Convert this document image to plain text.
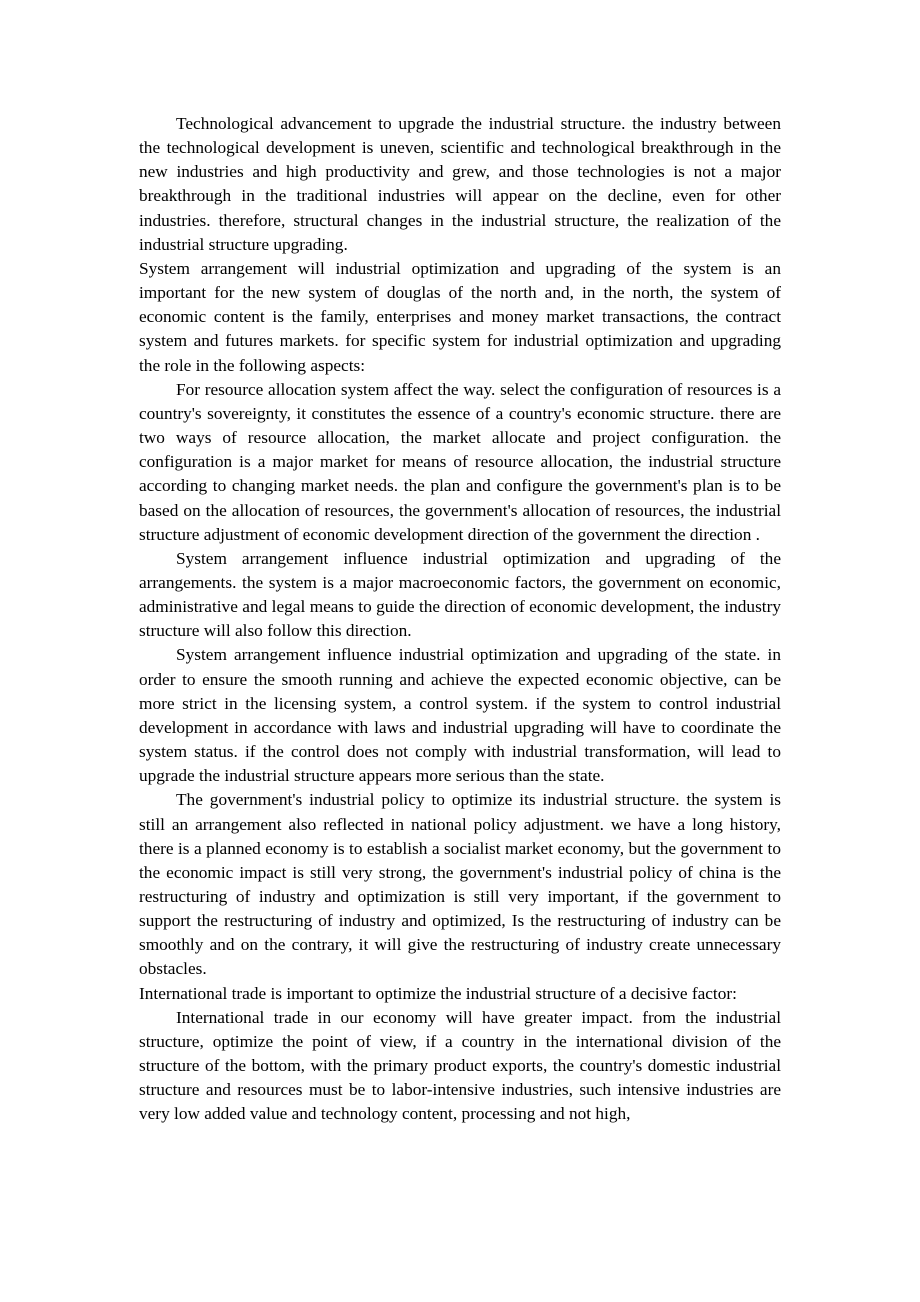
Technological advancement to upgrade the industrial structure. the industry between the technological development is uneven, scientific and technological breakthrough in the new industries and high productivity and grew, and those technologies is not a major breakthrough in the traditional industries will appear on the decline, even for other industries. therefore, structural changes in the industrial structure, the realization of the industrial structure upgrading.

System arrangement will industrial optimization and upgrading of the system is an important for the new system of douglas of the north and, in the north, the system of economic content is the family, enterprises and money market transactions, the contract system and futures markets. for specific system for industrial optimization and upgrading the role in the following aspects:

For resource allocation system affect the way. select the configuration of resources is a country's sovereignty, it constitutes the essence of a country's economic structure. there are two ways of resource allocation, the market allocate and project configuration. the configuration is a major market for means of resource allocation, the industrial structure according to changing market needs. the plan and configure the government's plan is to be based on the allocation of resources, the government's allocation of resources, the industrial structure adjustment of economic development direction of the government the direction .

System arrangement influence industrial optimization and upgrading of the arrangements. the system is a major macroeconomic factors, the government on economic, administrative and legal means to guide the direction of economic development, the industry structure will also follow this direction.

System arrangement influence industrial optimization and upgrading of the state. in order to ensure the smooth running and achieve the expected economic objective, can be more strict in the licensing system, a control system. if the system to control industrial development in accordance with laws and industrial upgrading will have to coordinate the system status. if the control does not comply with industrial transformation, will lead to upgrade the industrial structure appears more serious than the state.

The government's industrial policy to optimize its industrial structure. the system is still an arrangement also reflected in national policy adjustment. we have a long history, there is a planned economy is to establish a socialist market economy, but the government to the economic impact is still very strong, the government's industrial policy of china is the restructuring of industry and optimization is still very important, if the government to support the restructuring of industry and optimized, Is the restructuring of industry can be smoothly and on the contrary, it will give the restructuring of industry create unnecessary obstacles.

International trade is important to optimize the industrial structure of a decisive factor:

International trade in our economy will have greater impact. from the industrial structure, optimize the point of view, if a country in the international division of the structure of the bottom, with the primary product exports, the country's domestic industrial structure and resources must be to labor-intensive industries, such intensive industries are very low added value and technology content, processing and not high,
